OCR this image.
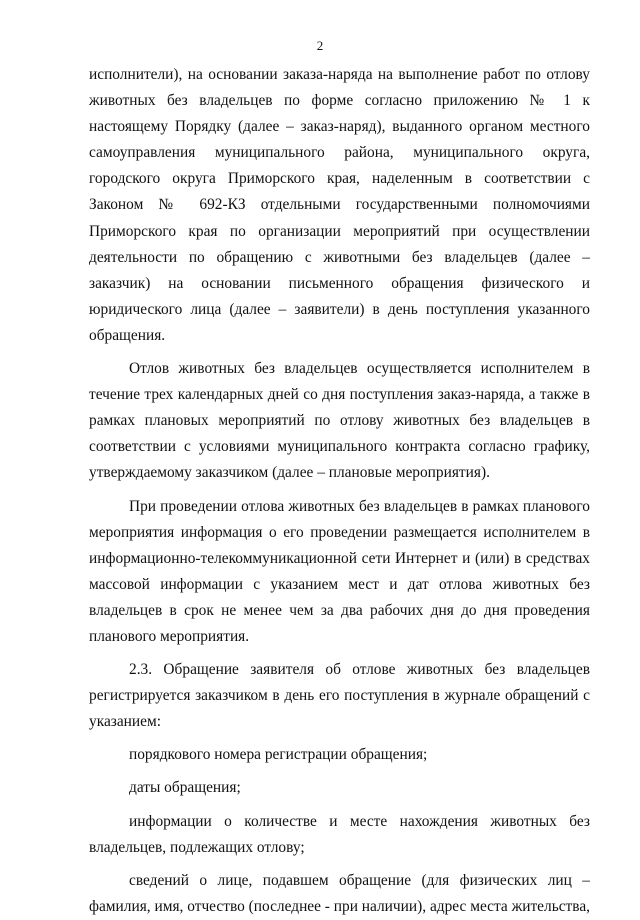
2

исполнители), на основании заказа-наряда на выполнение работ по отлову животных без владельцев по форме согласно приложению № 1 к настоящему Порядку (далее – заказ-наряд), выданного органом местного самоуправления муниципального района, муниципального округа, городского округа Приморского края, наделенным в соответствии с Законом № 692-КЗ отдельными государственными полномочиями Приморского края по организации мероприятий при осуществлении деятельности по обращению с животными без владельцев (далее – заказчик) на основании письменного обращения физического и юридического лица (далее – заявители) в день поступления указанного обращения.

Отлов животных без владельцев осуществляется исполнителем в течение трех календарных дней со дня поступления заказ-наряда, а также в рамках плановых мероприятий по отлову животных без владельцев в соответствии с условиями муниципального контракта согласно графику, утверждаемому заказчиком (далее – плановые мероприятия).

При проведении отлова животных без владельцев в рамках планового мероприятия информация о его проведении размещается исполнителем в информационно-телекоммуникационной сети Интернет и (или) в средствах массовой информации с указанием мест и дат отлова животных без владельцев в срок не менее чем за два рабочих дня до дня проведения планового мероприятия.

2.3. Обращение заявителя об отлове животных без владельцев регистрируется заказчиком в день его поступления в журнале обращений с указанием:

порядкового номера регистрации обращения;

даты обращения;

информации о количестве и месте нахождения животных без владельцев, подлежащих отлову;

сведений о лице, подавшем обращение (для физических лиц – фамилия, имя, отчество (последнее - при наличии), адрес места жительства,
